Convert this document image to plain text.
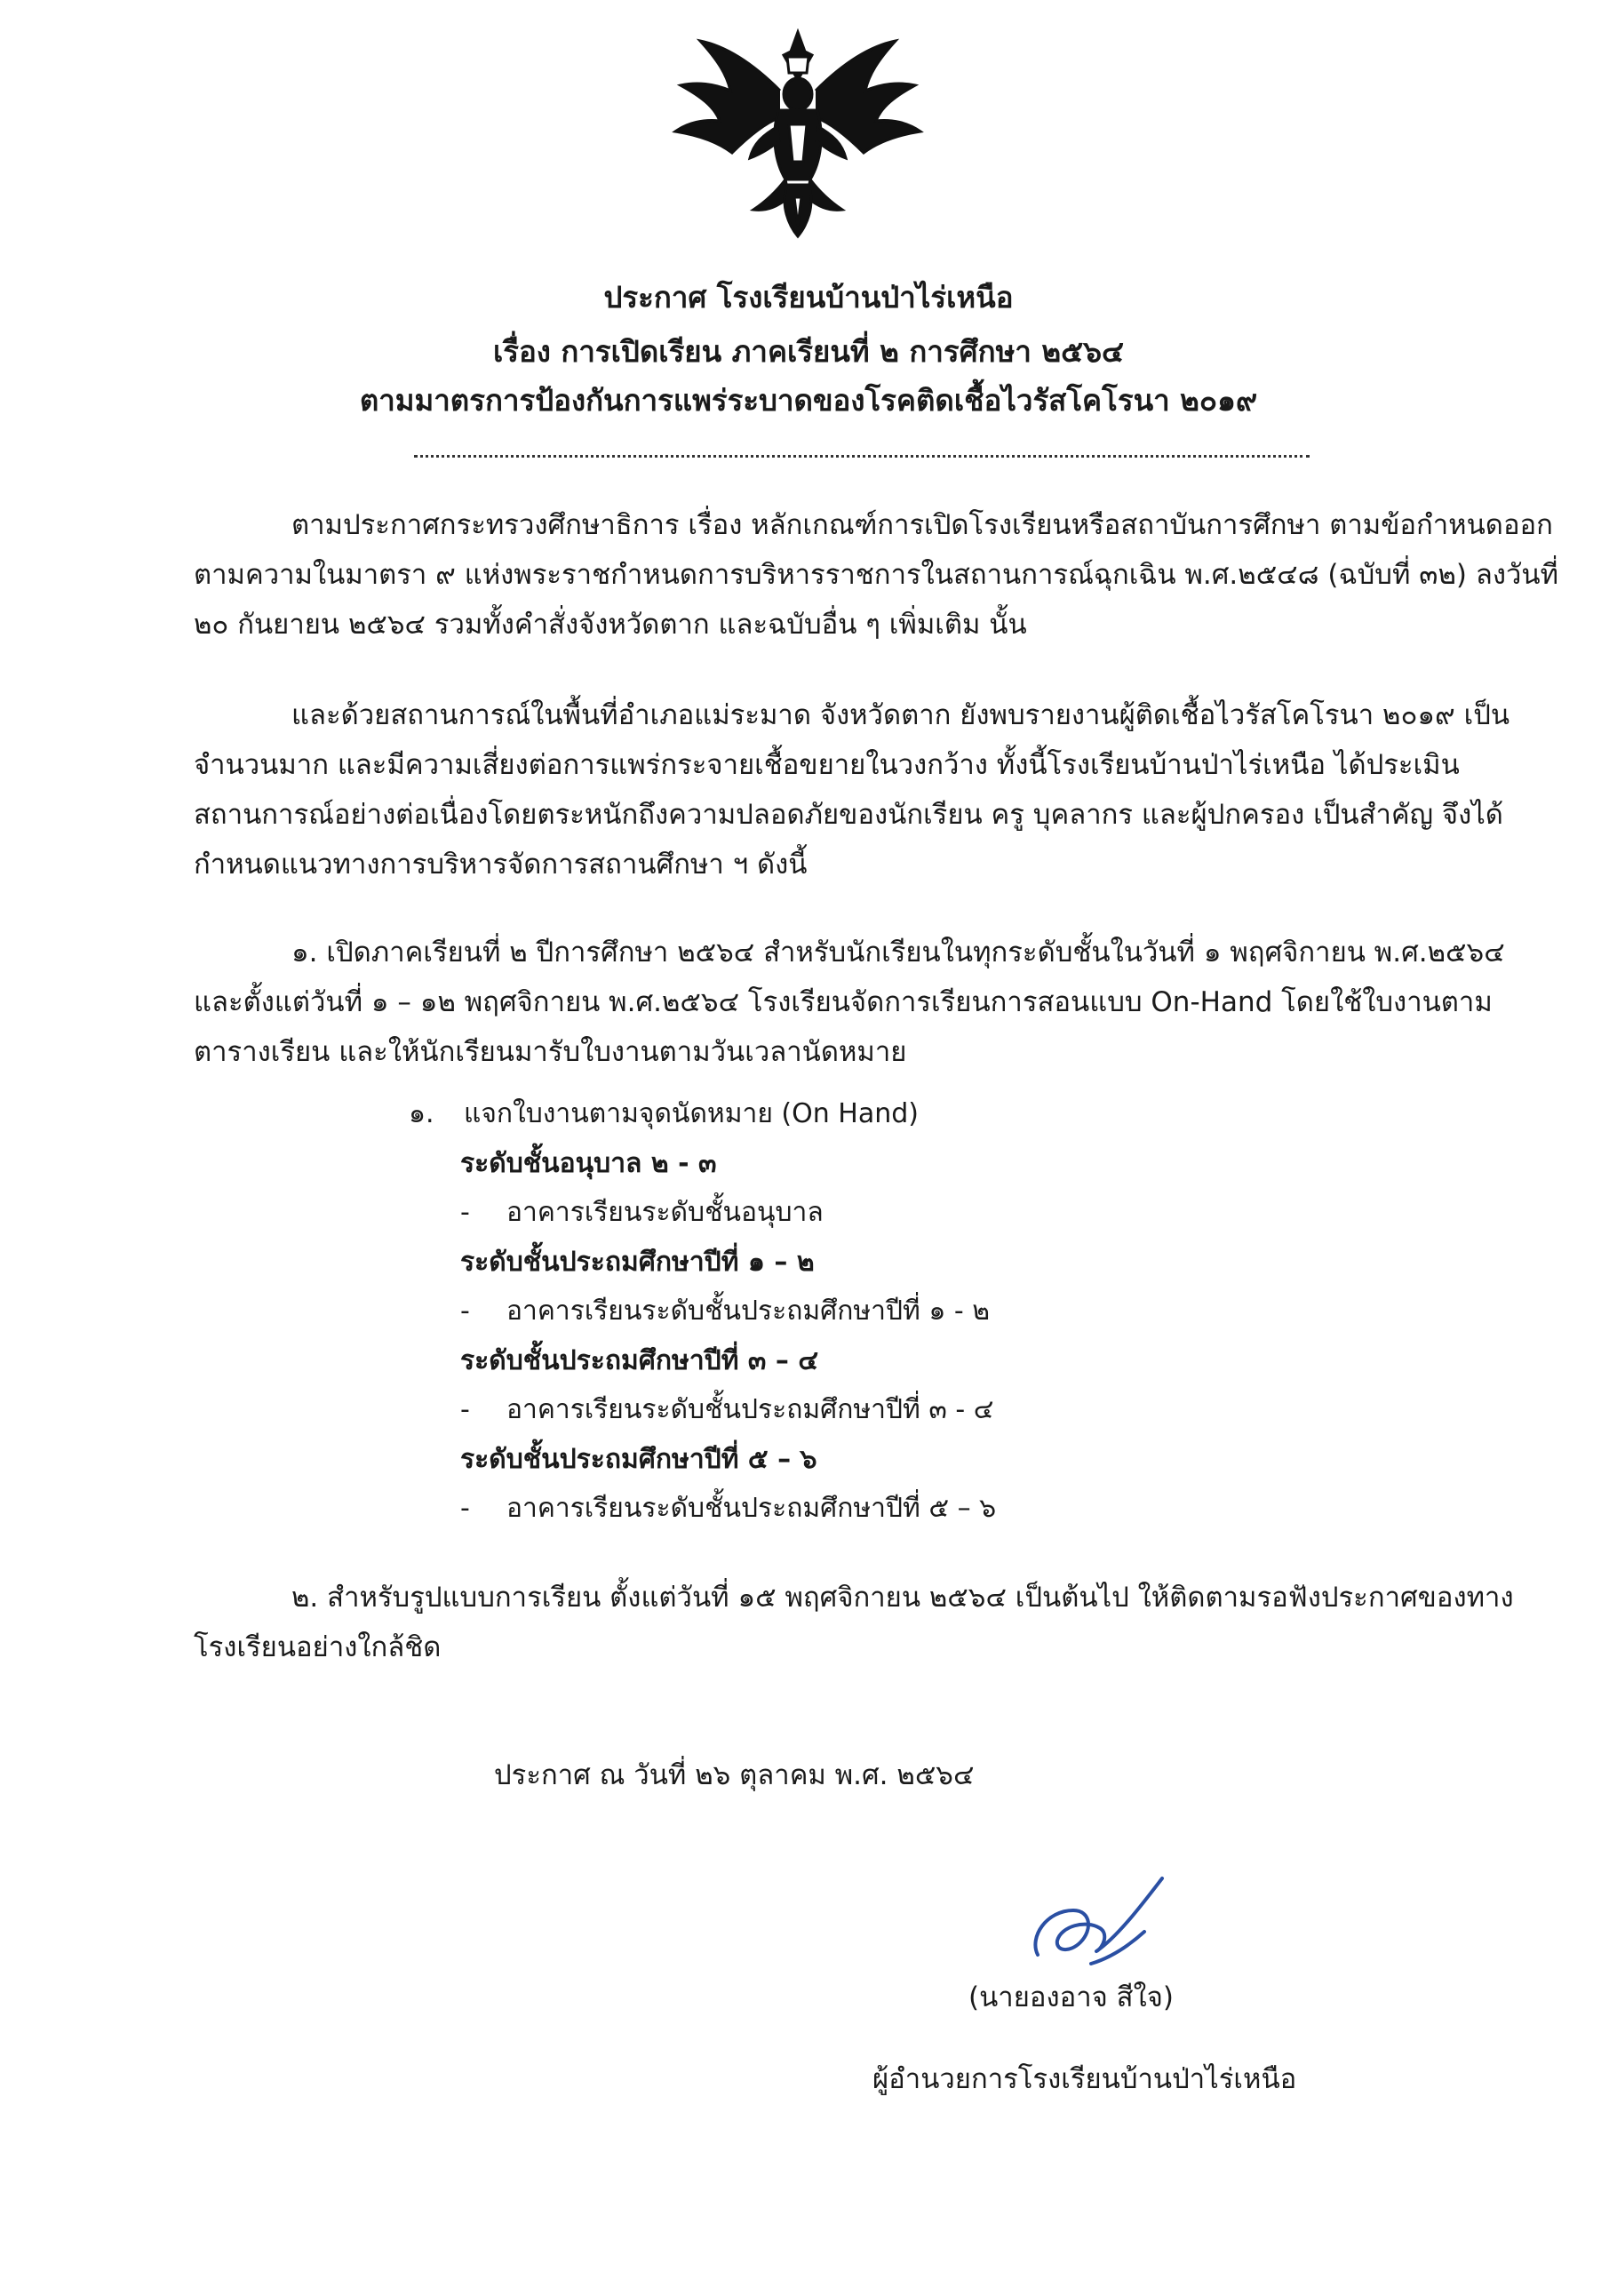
ประกาศ โรงเรียนบ้านป่าไร่เหนือ
เรื่อง การเปิดเรียน ภาคเรียนที่ ๒ การศึกษา ๒๕๖๔
ตามมาตรการป้องกันการแพร่ระบาดของโรคติดเชื้อไวรัสโคโรนา ๒๐๑๙
ตามประกาศกระทรวงศึกษาธิการ เรื่อง หลักเกณฑ์การเปิดโรงเรียนหรือสถาบันการศึกษา ตามข้อกำหนดออก
ตามความในมาตรา ๙ แห่งพระราชกำหนดการบริหารราชการในสถานการณ์ฉุกเฉิน พ.ศ.๒๕๔๘ (ฉบับที่ ๓๒) ลงวันที่
๒๐ กันยายน ๒๕๖๔ รวมทั้งคำสั่งจังหวัดตาก และฉบับอื่น ๆ เพิ่มเติม นั้น
และด้วยสถานการณ์ในพื้นที่อำเภอแม่ระมาด จังหวัดตาก ยังพบรายงานผู้ติดเชื้อไวรัสโคโรนา ๒๐๑๙ เป็น
จำนวนมาก และมีความเสี่ยงต่อการแพร่กระจายเชื้อขยายในวงกว้าง ทั้งนี้โรงเรียนบ้านป่าไร่เหนือ ได้ประเมิน
สถานการณ์อย่างต่อเนื่องโดยตระหนักถึงความปลอดภัยของนักเรียน ครู บุคลากร และผู้ปกครอง เป็นสำคัญ จึงได้
กำหนดแนวทางการบริหารจัดการสถานศึกษา ฯ ดังนี้
๑. เปิดภาคเรียนที่ ๒ ปีการศึกษา ๒๕๖๔ สำหรับนักเรียนในทุกระดับชั้นในวันที่ ๑ พฤศจิกายน พ.ศ.๒๕๖๔
และตั้งแต่วันที่ ๑ – ๑๒ พฤศจิกายน พ.ศ.๒๕๖๔ โรงเรียนจัดการเรียนการสอนแบบ On-Hand โดยใช้ใบงานตาม
ตารางเรียน และให้นักเรียนมารับใบงานตามวันเวลานัดหมาย
๑. แจกใบงานตามจุดนัดหมาย (On Hand)
ระดับชั้นอนุบาล ๒ - ๓
- อาคารเรียนระดับชั้นอนุบาล
ระดับชั้นประถมศึกษาปีที่ ๑ – ๒
- อาคารเรียนระดับชั้นประถมศึกษาปีที่ ๑ - ๒
ระดับชั้นประถมศึกษาปีที่ ๓ – ๔
- อาคารเรียนระดับชั้นประถมศึกษาปีที่ ๓ - ๔
ระดับชั้นประถมศึกษาปีที่ ๕ – ๖
- อาคารเรียนระดับชั้นประถมศึกษาปีที่ ๕ – ๖
๒. สำหรับรูปแบบการเรียน ตั้งแต่วันที่ ๑๕ พฤศจิกายน ๒๕๖๔ เป็นต้นไป ให้ติดตามรอฟังประกาศของทาง
โรงเรียนอย่างใกล้ชิด
ประกาศ ณ วันที่ ๒๖ ตุลาคม พ.ศ. ๒๕๖๔
(นายองอาจ สีใจ)
ผู้อำนวยการโรงเรียนบ้านป่าไร่เหนือ
